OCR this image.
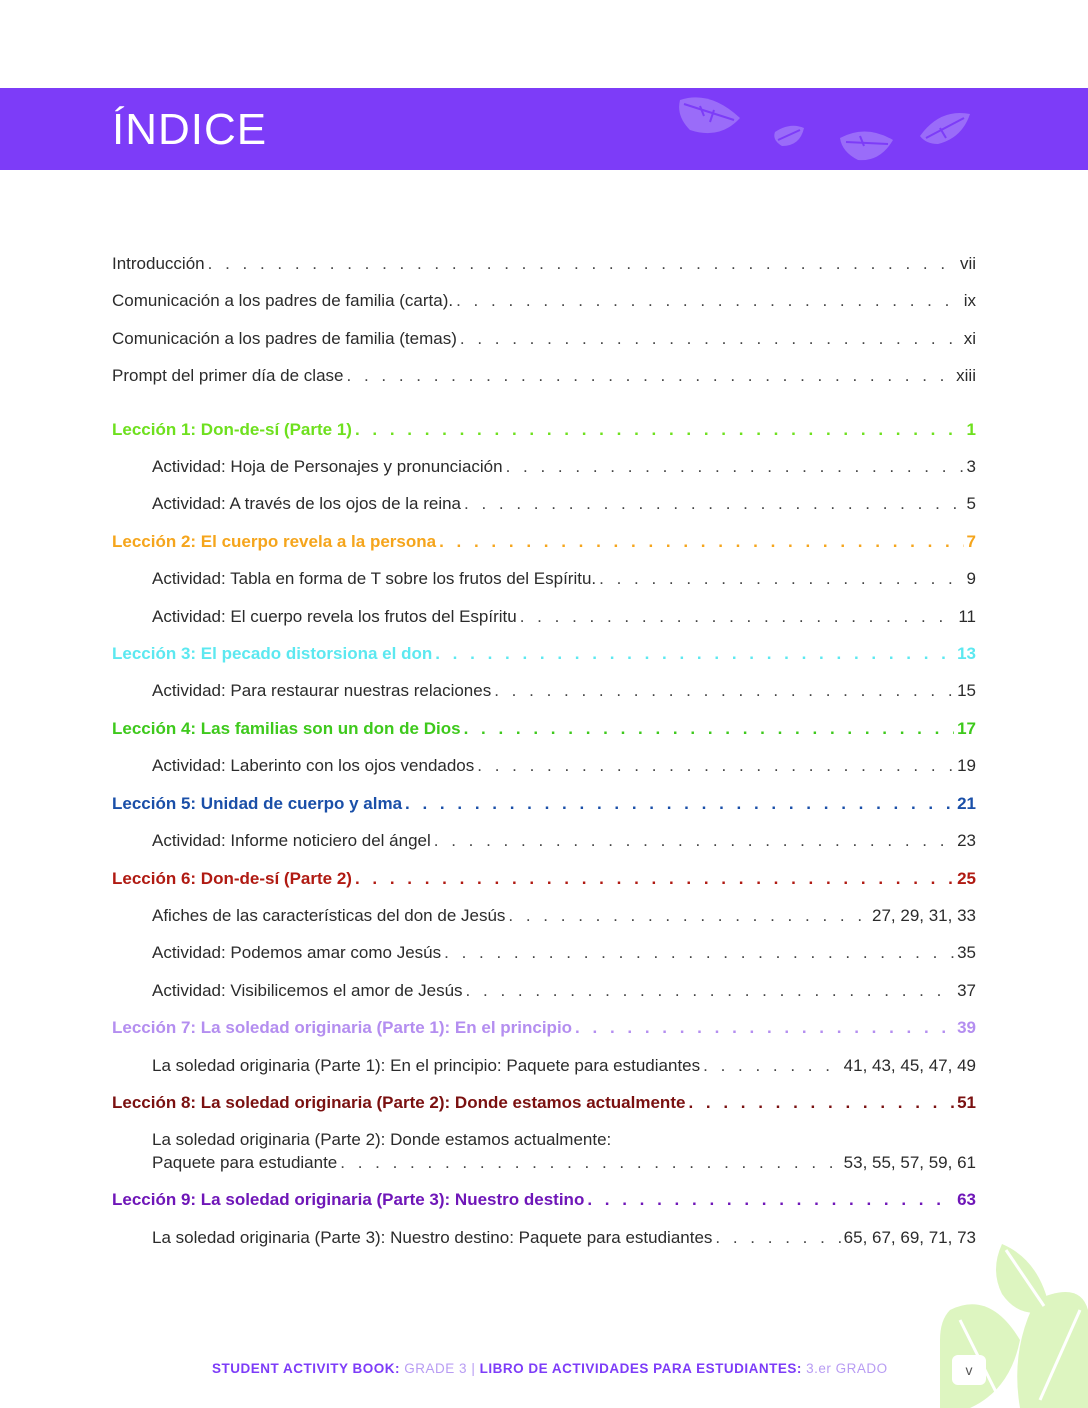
ÍNDICE
Introducción . . .	vii
Comunicación a los padres de familia (carta). . . .	ix
Comunicación a los padres de familia (temas) . . .	xi
Prompt del primer día de clase . . .	xiii
Lección 1: Don-de-sí (Parte 1) . . .	1
Actividad: Hoja de Personajes y pronunciación . . .	3
Actividad: A través de los ojos de la reina . . .	5
Lección 2: El cuerpo revela a la persona . . .	7
Actividad: Tabla en forma de T sobre los frutos del Espíritu. . . .	9
Actividad: El cuerpo revela los frutos del Espíritu . . .	11
Lección 3: El pecado distorsiona el don . . .	13
Actividad: Para restaurar nuestras relaciones . . .	15
Lección 4: Las familias son un don de Dios . . .	17
Actividad: Laberinto con los ojos vendados . . .	19
Lección 5: Unidad de cuerpo y alma . . .	21
Actividad: Informe noticiero del ángel . . .	23
Lección 6: Don-de-sí (Parte 2) . . .	25
Afiches de las características del don de Jesús . . .	27, 29, 31, 33
Actividad: Podemos amar como Jesús . . .	35
Actividad: Visibilicemos el amor de Jesús . . .	37
Lección 7: La soledad originaria (Parte 1): En el principio . . .	39
La soledad originaria (Parte 1): En el principio: Paquete para estudiantes . . .	41, 43, 45, 47, 49
Lección 8: La soledad originaria (Parte 2): Donde estamos actualmente . . .	51
La soledad originaria (Parte 2): Donde estamos actualmente:
Paquete para estudiante . . .	53, 55, 57, 59, 61
Lección 9: La soledad originaria (Parte 3): Nuestro destino . . .	63
La soledad originaria (Parte 3): Nuestro destino: Paquete para estudiantes . . .	65, 67, 69, 71, 73
STUDENT ACTIVITY BOOK: GRADE 3 | LIBRO DE ACTIVIDADES PARA ESTUDIANTES: 3.er GRADO	v
